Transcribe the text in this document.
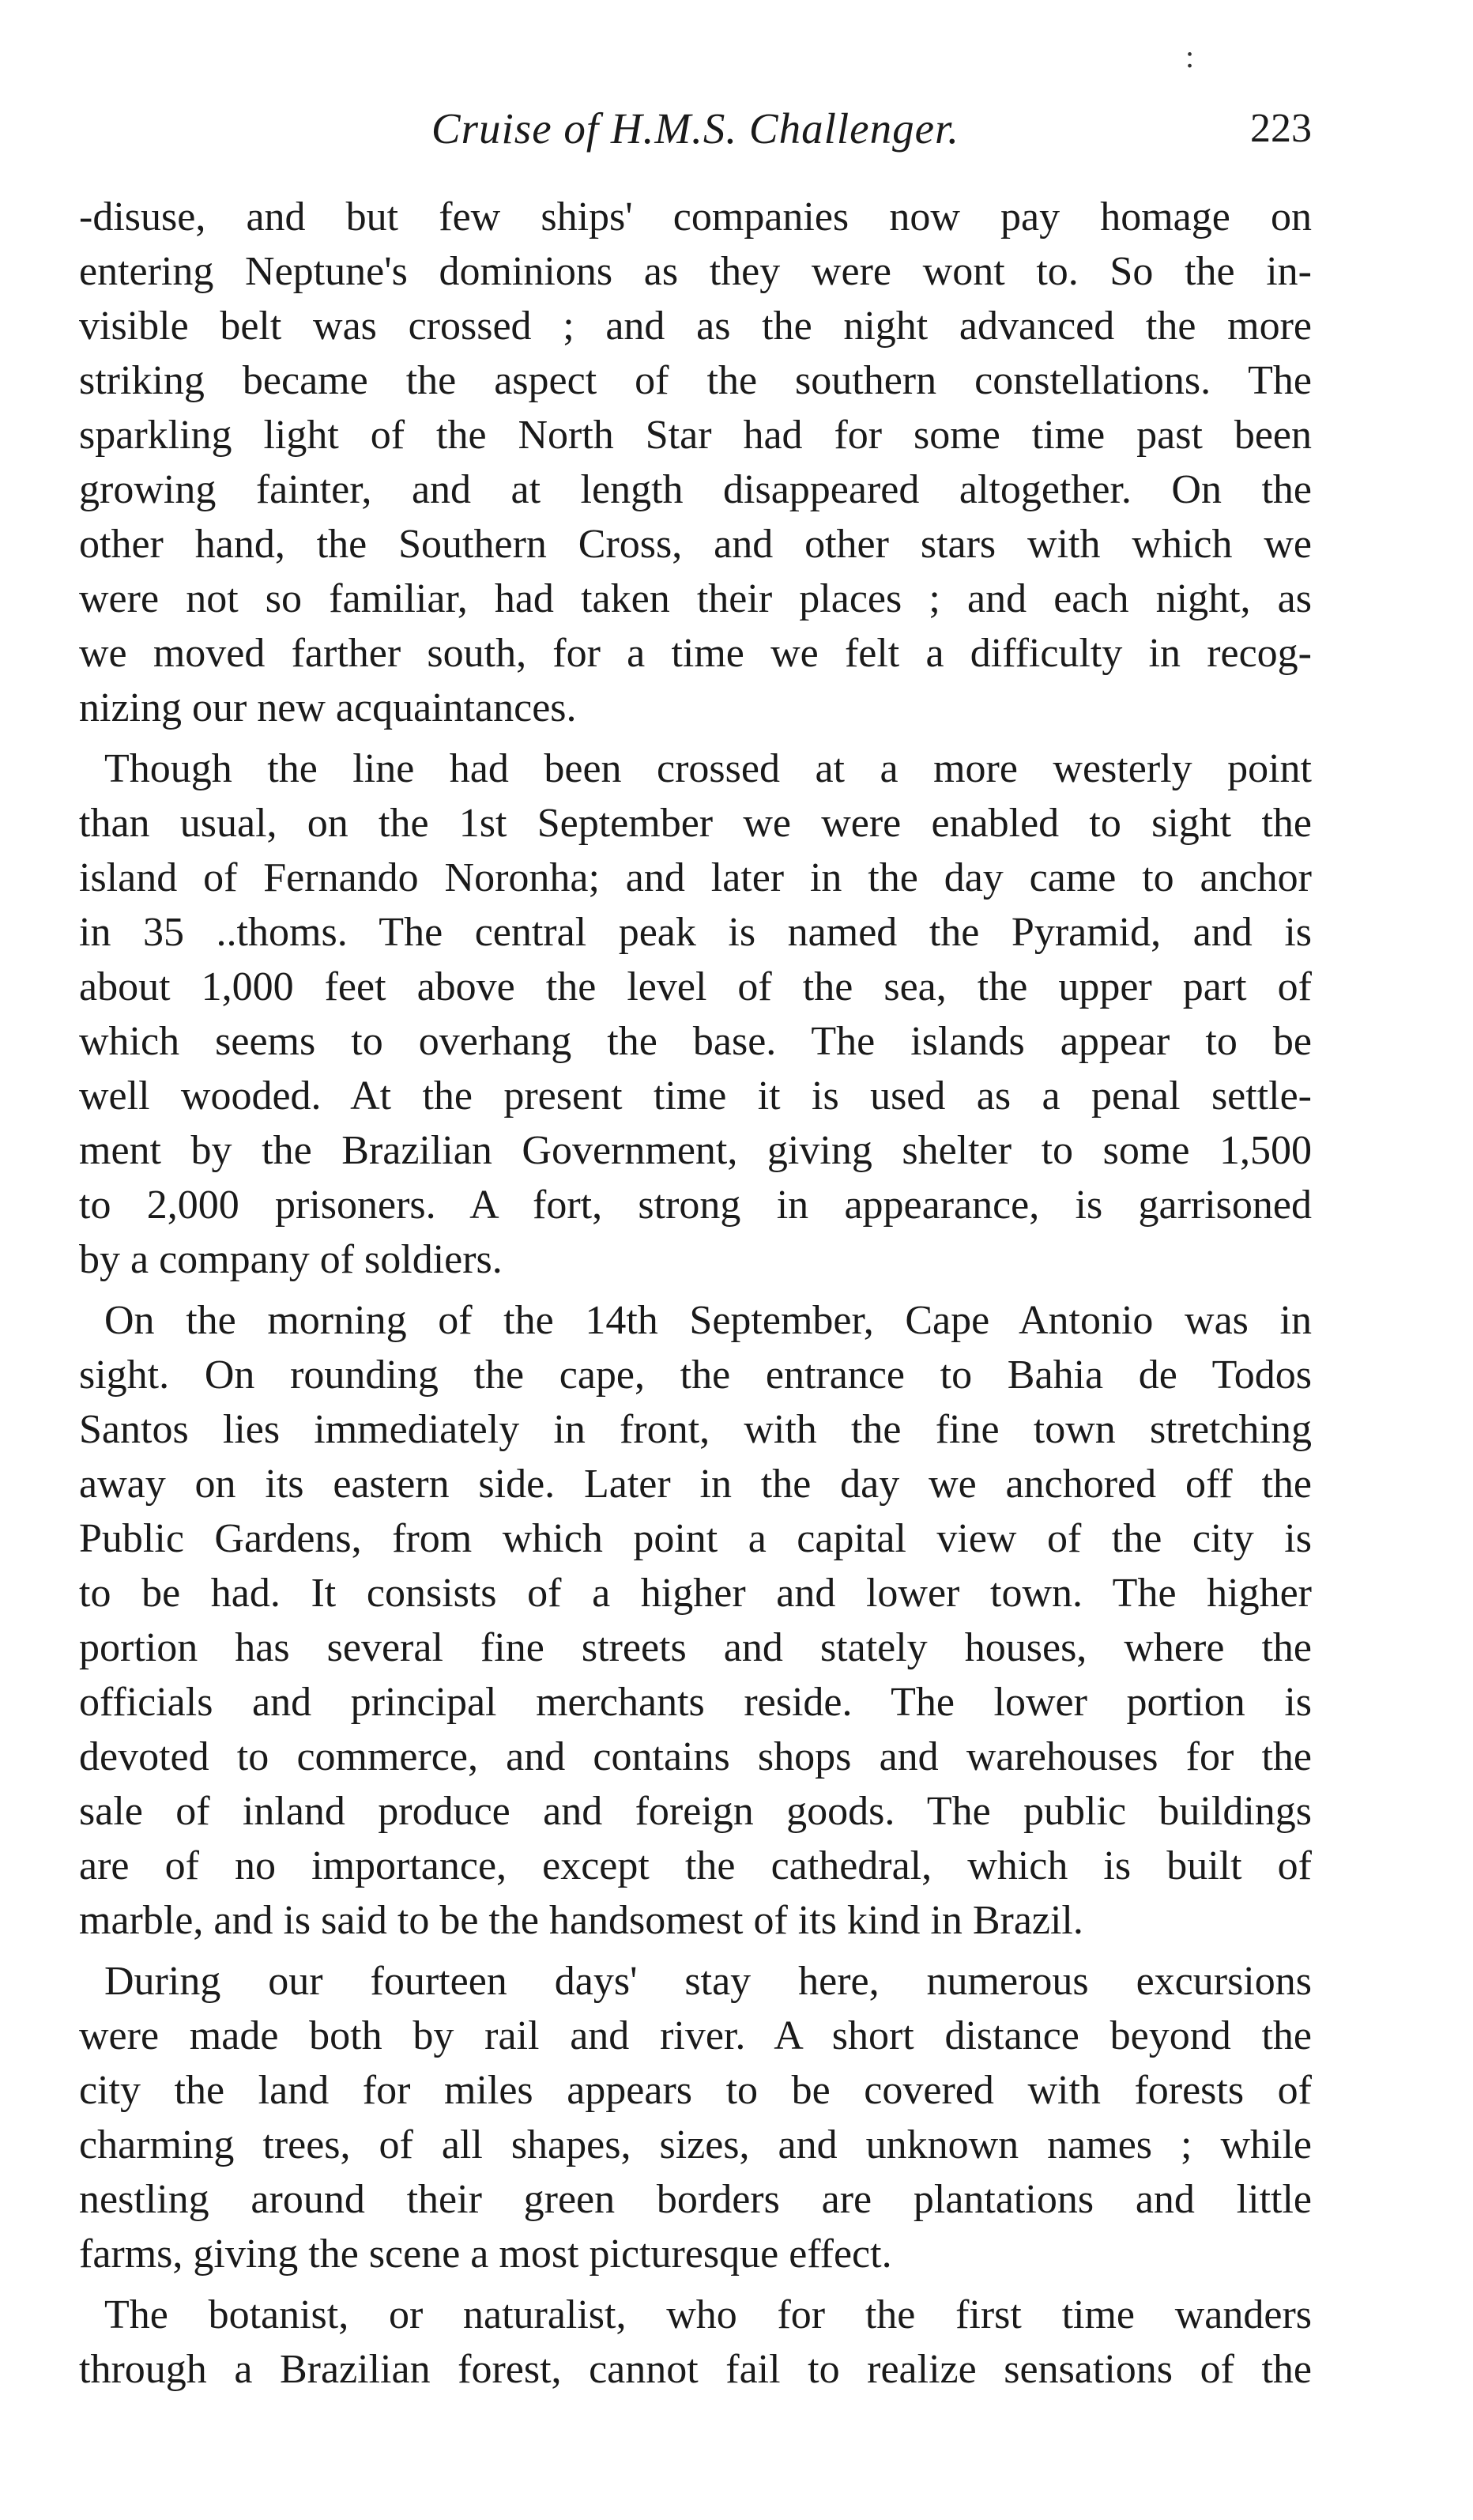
:
Cruise of H.M.S. Challenger.	223
-disuse, and but few ships' companies now pay homage on
entering Neptune's dominions as they were wont to. So the in-
visible belt was crossed ; and as the night advanced the more
striking became the aspect of the southern constellations. The
sparkling light of the North Star had for some time past been
growing fainter, and at length disappeared altogether. On the
other hand, the Southern Cross, and other stars with which we
were not so familiar, had taken their places ; and each night, as
we moved farther south, for a time we felt a difficulty in recog-
nizing our new acquaintances.
Though the line had been crossed at a more westerly point
than usual, on the 1st September we were enabled to sight the
island of Fernando Noronha; and later in the day came to anchor
in 35 ..thoms. The central peak is named the Pyramid, and is
about 1,000 feet above the level of the sea, the upper part of
which seems to overhang the base. The islands appear to be
well wooded. At the present time it is used as a penal settle-
ment by the Brazilian Government, giving shelter to some 1,500
to 2,000 prisoners. A fort, strong in appearance, is garrisoned
by a company of soldiers.
On the morning of the 14th September, Cape Antonio was in
sight. On rounding the cape, the entrance to Bahia de Todos
Santos lies immediately in front, with the fine town stretching
away on its eastern side. Later in the day we anchored off the
Public Gardens, from which point a capital view of the city is
to be had. It consists of a higher and lower town. The higher
portion has several fine streets and stately houses, where the
officials and principal merchants reside. The lower portion is
devoted to commerce, and contains shops and warehouses for the
sale of inland produce and foreign goods. The public buildings
are of no importance, except the cathedral, which is built of
marble, and is said to be the handsomest of its kind in Brazil.
During our fourteen days' stay here, numerous excursions
were made both by rail and river. A short distance beyond the
city the land for miles appears to be covered with forests of
charming trees, of all shapes, sizes, and unknown names ; while
nestling around their green borders are plantations and little
farms, giving the scene a most picturesque effect.
The botanist, or naturalist, who for the first time wanders
through a Brazilian forest, cannot fail to realize sensations of the
